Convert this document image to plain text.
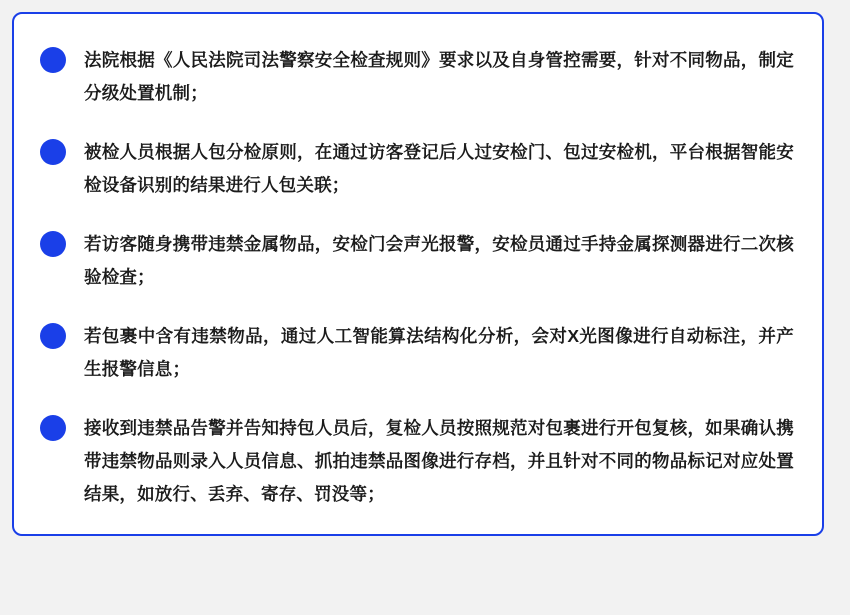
法院根据《人民法院司法警察安全检查规则》要求以及自身管控需要，针对不同物品，制定分级处置机制；
被检人员根据人包分检原则，在通过访客登记后人过安检门、包过安检机，平台根据智能安检设备识别的结果进行人包关联；
若访客随身携带违禁金属物品，安检门会声光报警，安检员通过手持金属探测器进行二次核验检查；
若包裹中含有违禁物品，通过人工智能算法结构化分析，会对X光图像进行自动标注，并产生报警信息；
接收到违禁品告警并告知持包人员后，复检人员按照规范对包裹进行开包复核，如果确认携带违禁物品则录入人员信息、抓拍违禁品图像进行存档，并且针对不同的物品标记对应处置结果，如放行、丢弃、寄存、罚没等；
